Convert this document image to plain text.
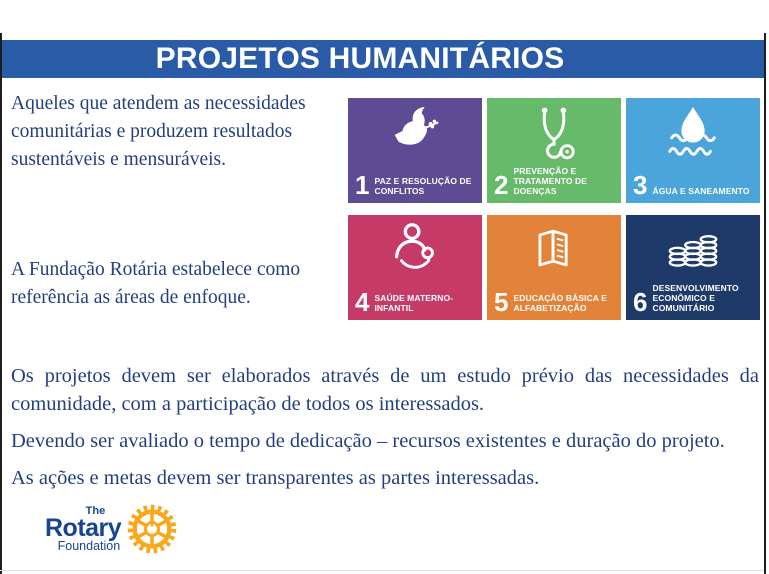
PROJETOS HUMANITÁRIOS
Aqueles que atendem as necessidades comunitárias e produzem resultados sustentáveis e mensuráveis.
A Fundação Rotária estabelece como referência as áreas de enfoque.
1 PAZ E RESOLUÇÃO DE CONFLITOS	2 PREVENÇÃO E TRATAMENTO DE DOENÇAS	3 ÁGUA E SANEAMENTO
4 SAÚDE MATERNO-INFANTIL	5 EDUCAÇÃO BÁSICA E ALFABETIZAÇÃO	6 DESENVOLVIMENTO ECONÔMICO E COMUNITÁRIO

Os projetos devem ser elaborados através de um estudo prévio das necessidades da comunidade, com a participação de todos os interessados.

Devendo ser avaliado o tempo de dedicação – recursos existentes e duração do projeto.

As ações e metas devem ser transparentes as partes interessadas.

The
Rotary
Foundation
